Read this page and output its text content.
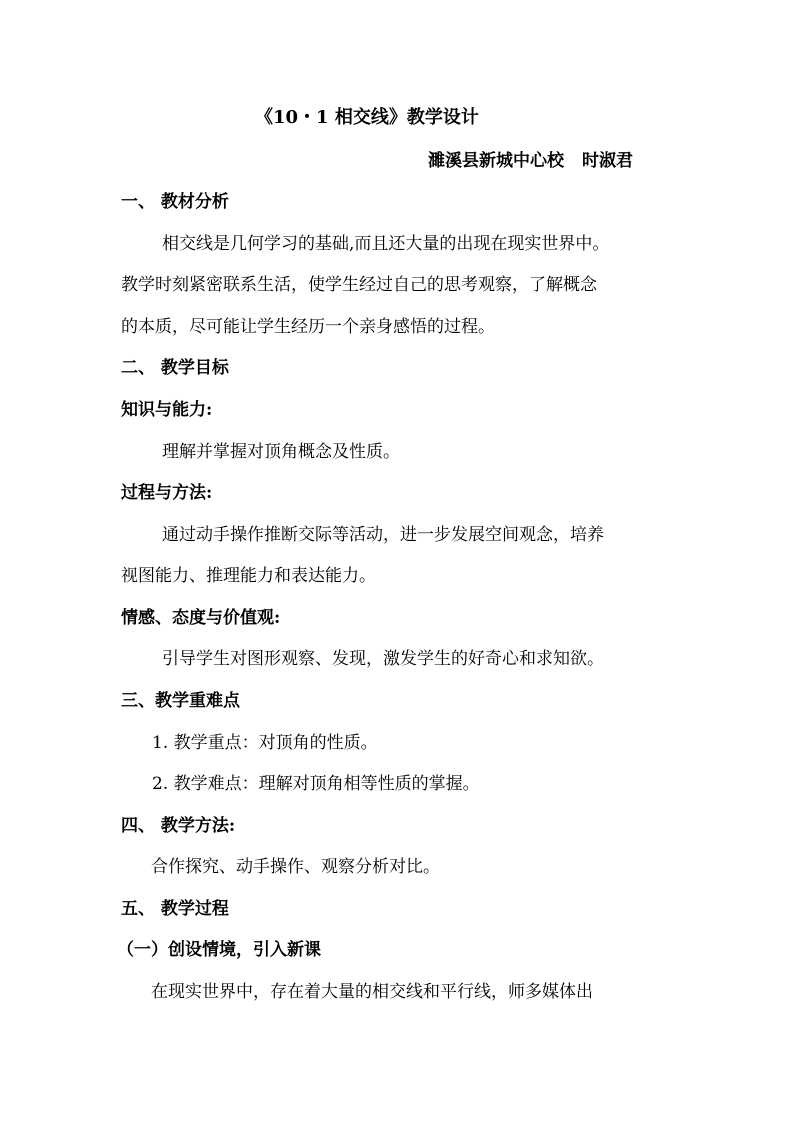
《10・1 相交线》教学设计
濉溪县新城中心校 时淑君
一、 教材分析
相交线是几何学习的基础,而且还大量的出现在现实世界中。
教学时刻紧密联系生活，使学生经过自己的思考观察，了解概念
的本质，尽可能让学生经历一个亲身感悟的过程。
二、 教学目标
知识与能力:
理解并掌握对顶角概念及性质。
过程与方法:
通过动手操作推断交际等活动，进一步发展空间观念，培养
视图能力、推理能力和表达能力。
情感、态度与价值观:
引导学生对图形观察、发现，激发学生的好奇心和求知欲。
三、教学重难点
1. 教学重点：对顶角的性质。
2. 教学难点：理解对顶角相等性质的掌握。
四、 教学方法:
合作探究、动手操作、观察分析对比。
五、 教学过程
（一）创设情境，引入新课
在现实世界中，存在着大量的相交线和平行线，师多媒体出
